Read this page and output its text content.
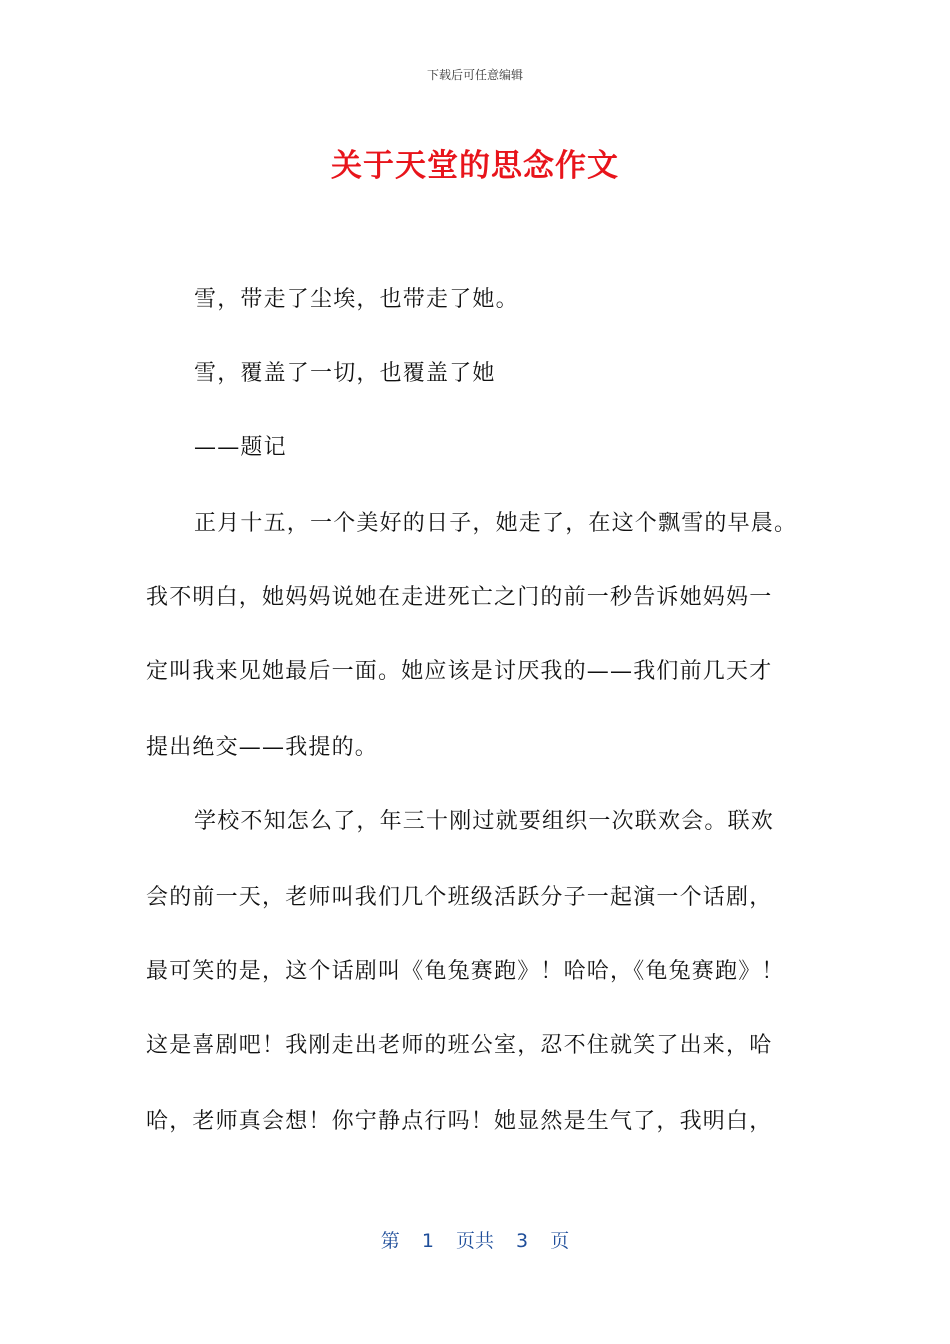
下载后可任意编辑
关于天堂的思念作文
雪，带走了尘埃，也带走了她。
雪，覆盖了一切，也覆盖了她
——题记
正月十五，一个美好的日子，她走了，在这个飘雪的早晨。
我不明白，她妈妈说她在走进死亡之门的前一秒告诉她妈妈一
定叫我来见她最后一面。她应该是讨厌我的——我们前几天才
提出绝交——我提的。
学校不知怎么了，年三十刚过就要组织一次联欢会。联欢
会的前一天，老师叫我们几个班级活跃分子一起演一个话剧，
最可笑的是，这个话剧叫《龟兔赛跑》！哈哈，《龟兔赛跑》！
这是喜剧吧！我刚走出老师的班公室，忍不住就笑了出来，哈
哈，老师真会想！你宁静点行吗！她显然是生气了，我明白，
第 1 页共 3 页
